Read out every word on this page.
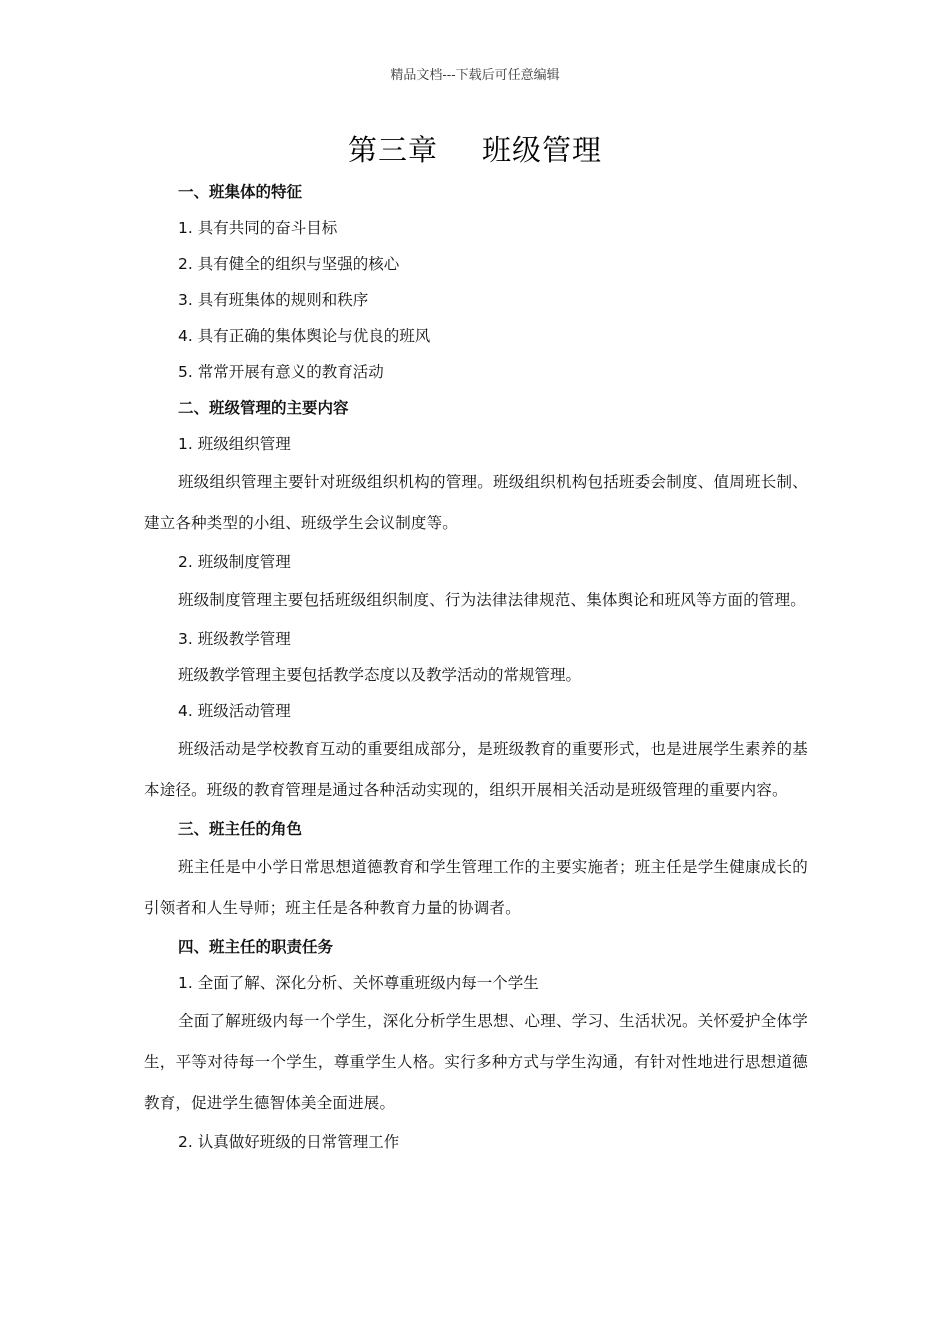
精品文档---下载后可任意编辑
第三章 班级管理

一、班集体的特征

1. 具有共同的奋斗目标

2. 具有健全的组织与坚强的核心

3. 具有班集体的规则和秩序

4. 具有正确的集体舆论与优良的班风

5. 常常开展有意义的教育活动

二、班级管理的主要内容

1. 班级组织管理

班级组织管理主要针对班级组织机构的管理。班级组织机构包括班委会制度、值周班长制、建立各种类型的小组、班级学生会议制度等。

2. 班级制度管理

班级制度管理主要包括班级组织制度、行为法律法律规范、集体舆论和班风等方面的管理。

3. 班级教学管理

班级教学管理主要包括教学态度以及教学活动的常规管理。

4. 班级活动管理

班级活动是学校教育互动的重要组成部分，是班级教育的重要形式，也是进展学生素养的基本途径。班级的教育管理是通过各种活动实现的，组织开展相关活动是班级管理的重要内容。

三、班主任的角色

班主任是中小学日常思想道德教育和学生管理工作的主要实施者；班主任是学生健康成长的引领者和人生导师；班主任是各种教育力量的协调者。

四、班主任的职责任务

1. 全面了解、深化分析、关怀尊重班级内每一个学生

全面了解班级内每一个学生，深化分析学生思想、心理、学习、生活状况。关怀爱护全体学生，平等对待每一个学生，尊重学生人格。实行多种方式与学生沟通，有针对性地进行思想道德教育，促进学生德智体美全面进展。

2. 认真做好班级的日常管理工作
